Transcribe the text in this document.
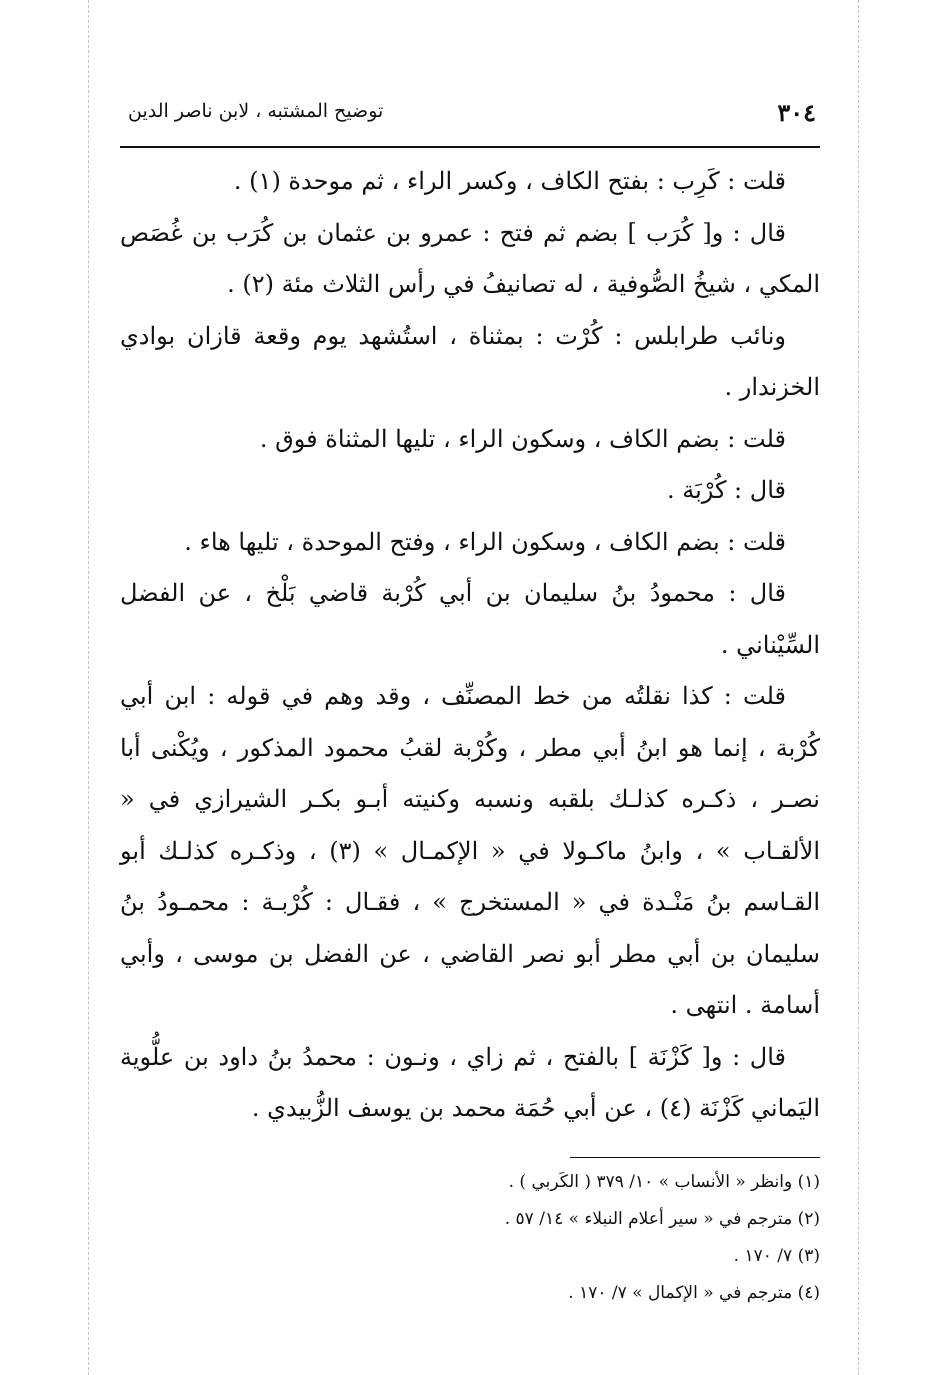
٣٠٤
توضيح المشتبه ، لابن ناصر الدين

قلت : كَرِب : بفتح الكاف ، وكسر الراء ، ثم موحدة (١) .

قال : و[ كُرَب ] بضم ثم فتح : عمرو بن عثمان بن كُرَب بن غُصَص المكي ، شيخُ الصُّوفية ، له تصانيفُ في رأس الثلاث مئة (٢) .

ونائب طرابلس : كُرْت : بمثناة ، استُشهد يوم وقعة قازان بوادي الخزندار .

قلت : بضم الكاف ، وسكون الراء ، تليها المثناة فوق .

قال : كُرْبَة .

قلت : بضم الكاف ، وسكون الراء ، وفتح الموحدة ، تليها هاء .

قال : محمودُ بنُ سليمان بن أبي كُرْبة قاضي بَلْخ ، عن الفضل السِّيْناني .

قلت : كذا نقلتُه من خط المصنِّف ، وقد وهم في قوله : ابن أبي كُرْبة ، إنما هو ابنُ أبي مطر ، وكُرْبة لقبُ محمود المذكور ، ويُكْنى أبا نصـر ، ذكـره كذلـك بلقبه ونسبه وكنيته أبـو بكـر الشيرازي في « الألقـاب » ، وابنُ ماكـولا في « الإكمـال » (٣) ، وذكـره كذلـك أبو القـاسم بنُ مَنْـدة في « المستخرج » ، فقـال : كُرْبـة : محمـودُ بنُ سليمان بن أبي مطر أبو نصر القاضي ، عن الفضل بن موسى ، وأبي أسامة . انتهى .

قال : و[ كَزْنَة ] بالفتح ، ثم زاي ، ونـون : محمدُ بنُ داود بن علُّوية اليَماني كَزْنَة (٤) ، عن أبي حُمَة محمد بن يوسف الزُّبيدي .

(١) وانظر « الأنساب » ١٠/ ٣٧٩ ( الكَربي ) .

(٢) مترجم في « سير أعلام النبلاء » ١٤/ ٥٧ .

(٣) ٧/ ١٧٠ .

(٤) مترجم في « الإكمال » ٧/ ١٧٠ .
